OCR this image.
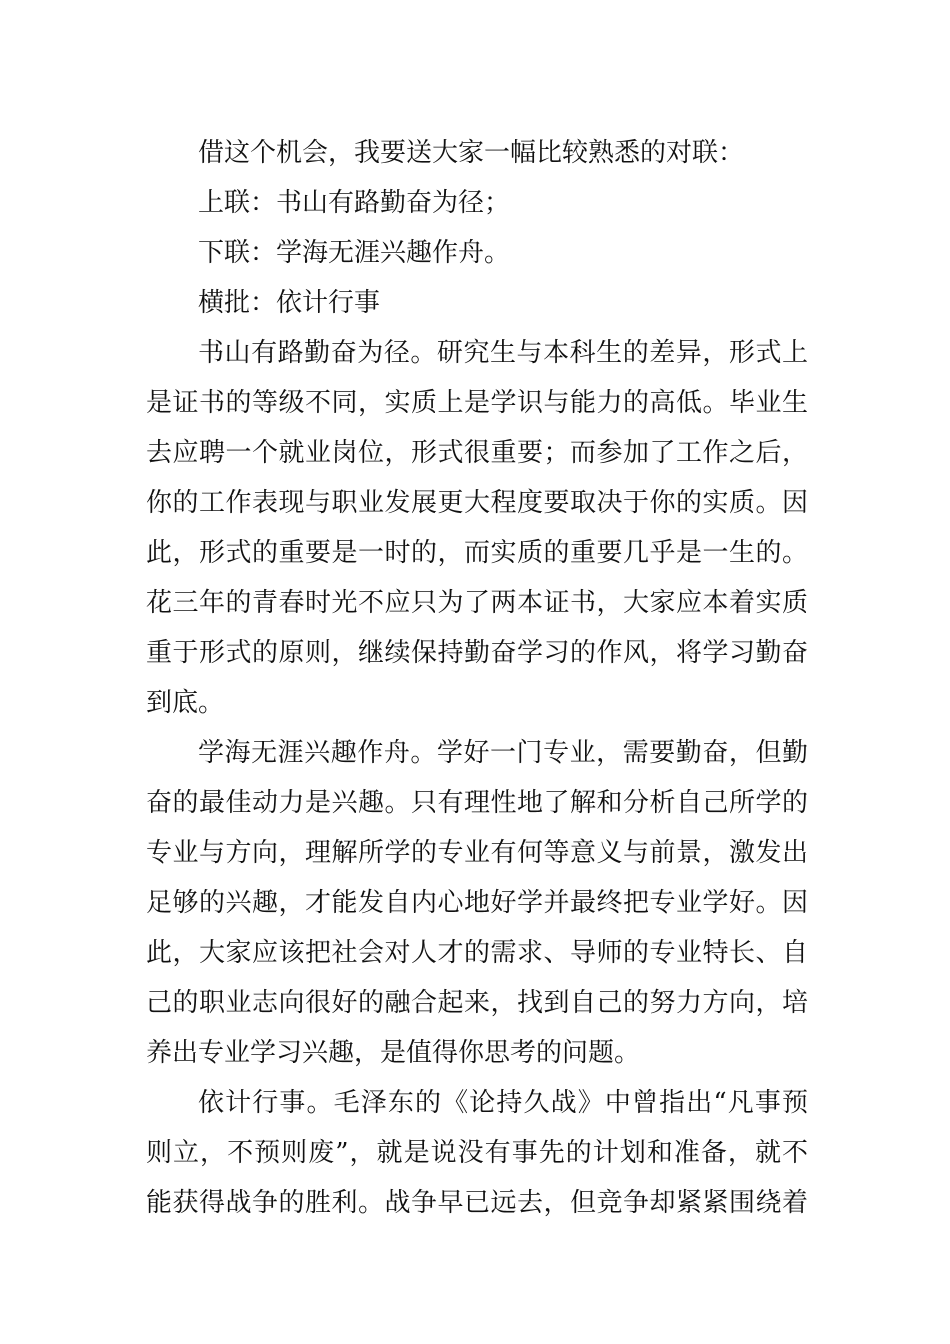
借这个机会，我要送大家一幅比较熟悉的对联：
上联：书山有路勤奋为径；
下联：学海无涯兴趣作舟。
横批：依计行事
书山有路勤奋为径。研究生与本科生的差异，形式上
是证书的等级不同，实质上是学识与能力的高低。毕业生
去应聘一个就业岗位，形式很重要；而参加了工作之后，
你的工作表现与职业发展更大程度要取决于你的实质。因
此，形式的重要是一时的，而实质的重要几乎是一生的。
花三年的青春时光不应只为了两本证书，大家应本着实质
重于形式的原则，继续保持勤奋学习的作风，将学习勤奋
到底。
学海无涯兴趣作舟。学好一门专业，需要勤奋，但勤
奋的最佳动力是兴趣。只有理性地了解和分析自己所学的
专业与方向，理解所学的专业有何等意义与前景，激发出
足够的兴趣，才能发自内心地好学并最终把专业学好。因
此，大家应该把社会对人才的需求、导师的专业特长、自
己的职业志向很好的融合起来，找到自己的努力方向，培
养出专业学习兴趣，是值得你思考的问题。
依计行事。毛泽东的《论持久战》中曾指出“凡事预
则立，不预则废”，就是说没有事先的计划和准备，就不
能获得战争的胜利。战争早已远去，但竞争却紧紧围绕着
